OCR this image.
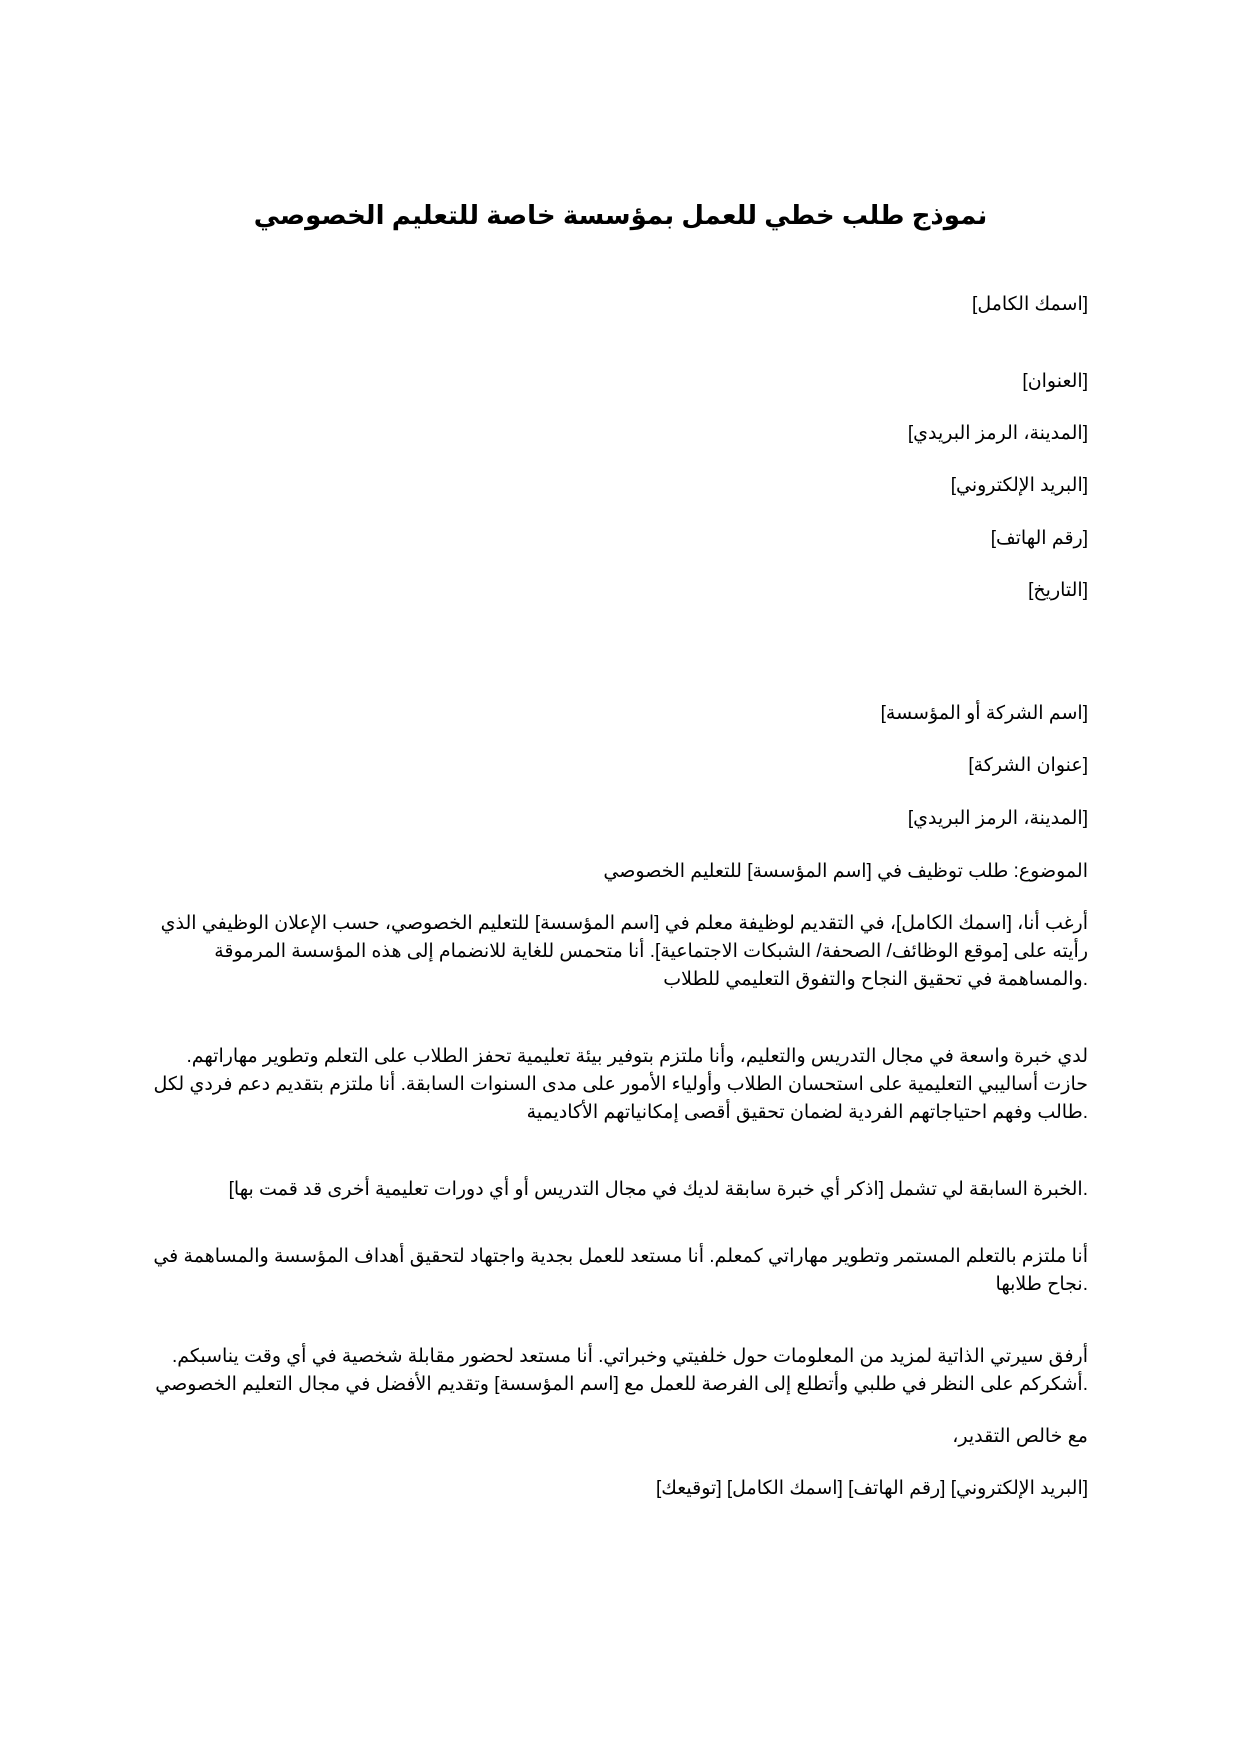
نموذج طلب خطي للعمل بمؤسسة خاصة للتعليم الخصوصي

[اسمك الكامل]

[العنوان]

[المدينة، الرمز البريدي]

[البريد الإلكتروني]

[رقم الهاتف]

[التاريخ]

[اسم الشركة أو المؤسسة]

[عنوان الشركة]

[المدينة، الرمز البريدي]

الموضوع: طلب توظيف في [اسم المؤسسة] للتعليم الخصوصي

أرغب أنا، [اسمك الكامل]، في التقديم لوظيفة معلم في [اسم المؤسسة] للتعليم الخصوصي، حسب الإعلان الوظيفي الذي
رأيته على [موقع الوظائف/ الصحفة/ الشبكات الاجتماعية]. أنا متحمس للغاية للانضمام إلى هذه المؤسسة المرموقة
.والمساهمة في تحقيق النجاح والتفوق التعليمي للطلاب
لدي خبرة واسعة في مجال التدريس والتعليم، وأنا ملتزم بتوفير بيئة تعليمية تحفز الطلاب على التعلم وتطوير مهاراتهم.
حازت أساليبي التعليمية على استحسان الطلاب وأولياء الأمور على مدى السنوات السابقة. أنا ملتزم بتقديم دعم فردي لكل
.طالب وفهم احتياجاتهم الفردية لضمان تحقيق أقصى إمكانياتهم الأكاديمية
.الخبرة السابقة لي تشمل [اذكر أي خبرة سابقة لديك في مجال التدريس أو أي دورات تعليمية أخرى قد قمت بها]
أنا ملتزم بالتعلم المستمر وتطوير مهاراتي كمعلم. أنا مستعد للعمل بجدية واجتهاد لتحقيق أهداف المؤسسة والمساهمة في
.نجاح طلابها
أرفق سيرتي الذاتية لمزيد من المعلومات حول خلفيتي وخبراتي. أنا مستعد لحضور مقابلة شخصية في أي وقت يناسبكم.
.أشكركم على النظر في طلبي وأتطلع إلى الفرصة للعمل مع [اسم المؤسسة] وتقديم الأفضل في مجال التعليم الخصوصي

مع خالص التقدير،

[البريد الإلكتروني] [رقم الهاتف] [اسمك الكامل] [توقيعك]
